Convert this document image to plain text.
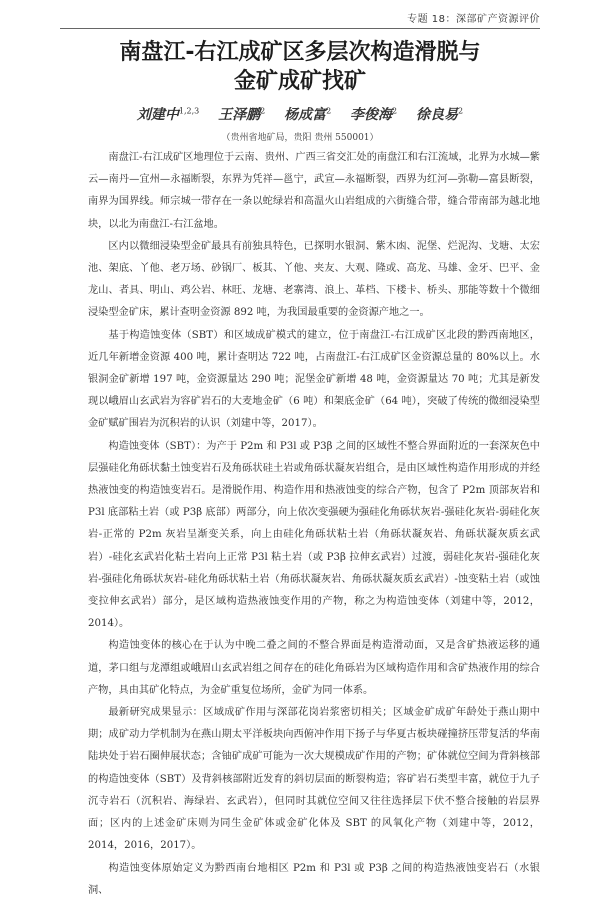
专题 18：深部矿产资源评价
南盘江-右江成矿区多层次构造滑脱与
金矿成矿找矿
刘建中$^{1,2,3}$ 王泽鹏$^2$ 杨成富$^2$ 李俊海$^2$ 徐良易$^2$
（贵州省地矿局，贵阳 贵州 550001）

南盘江-右江成矿区地理位于云南、贵州、广西三省交汇处的南盘江和右江流域，北界为水城—紫云—南丹—宜州—永福断裂，东界为凭祥—邕宁，武宣—永福断裂，西界为红河—弥勒—富县断裂，南界为国界线。师宗城一带存在一条以蛇绿岩和高温火山岩组成的六街缝合带，缝合带南部为越北地块，以北为南盘江-右江盆地。

区内以微细浸染型金矿最具有前独具特色，已探明水银洞、紫木凼、泥堡、烂泥沟、戈塘、太宏池、架底、丫他、老万场、砂锅厂、板其、丫他、夹友、大观、隆或、高龙、马雄、金牙、巴平、金龙山、者具、明山、鸡公岩、林旺、龙塘、老寨湾、浪上、革档、下楼卡、桥头、那能等数十个微细浸染型金矿床，累计查明金资源 892 吨，为我国最重要的金资源产地之一。

基于构造蚀变体（SBT）和区域成矿模式的建立，位于南盘江-右江成矿区北段的黔西南地区，近几年新增金资源 400 吨，累计查明达 722 吨，占南盘江-右江成矿区金资源总量的 80%以上。水银洞金矿新增 197 吨，金资源量达 290 吨；泥堡金矿新增 48 吨，金资源量达 70 吨；尤其是新发现以峨眉山玄武岩为容矿岩石的大麦地金矿（6 吨）和架底金矿（64 吨），突破了传统的微细浸染型金矿赋矿围岩为沉积岩的认识（刘建中等，2017）。

构造蚀变体（SBT）：为产于 P2m 和 P3l 或 P3β 之间的区域性不整合界面附近的一套深灰色中层强硅化角砾状黏土蚀变岩石及角砾状硅土岩或角砾状凝灰岩组合，是由区域性构造作用形成的并经热液蚀变的构造蚀变岩石。是滑脱作用、构造作用和热液蚀变的综合产物，包含了 P2m 顶部灰岩和 P3l 底部粘土岩（或 P3β 底部）两部分，向上依次变强硬为强硅化角砾状灰岩-强硅化灰岩-弱硅化灰岩-正常的 P2m 灰岩呈渐变关系，向上由硅化角砾状粘土岩（角砾状凝灰岩、角砾状凝灰质玄武岩）-硅化玄武岩化粘土岩向上正常 P3l 粘土岩（或 P3β 拉伸玄武岩）过渡，弱硅化灰岩-强硅化灰岩-强硅化角砾状灰岩-硅化角砾状粘土岩（角砾状凝灰岩、角砾状凝灰质玄武岩）-蚀变粘土岩（或蚀变拉伸玄武岩）部分，是区域构造热液蚀变作用的产物，称之为构造蚀变体（刘建中等，2012，2014）。

构造蚀变体的核心在于认为中晚二叠之间的不整合界面是构造滑动面，又是含矿热液运移的通道，茅口组与龙潭组或峨眉山玄武岩组之间存在的硅化角砾岩为区域构造作用和含矿热液作用的综合产物，具由其矿化特点，为金矿重复位场所，金矿为同一体系。

最新研究成果显示：区域成矿作用与深部花岗岩浆密切相关；区域金矿成矿年龄处于燕山期中期；成矿动力学机制为在燕山期太平洋板块向西俯冲作用下扬子与华夏古板块碰撞挤压带复活的华南陆块处于岩石圈伸展状态；含铀矿成矿可能为一次大规模成矿作用的产物；矿体就位空间为背斜核部的构造蚀变体（SBT）及背斜核部附近发育的斜切层面的断裂构造；容矿岩石类型丰富，就位于九子沉寺岩石（沉积岩、海绿岩、玄武岩），但同时其就位空间又往往选择层下伏不整合接触的岩层界面；区内的上述金矿床则为同生金矿体或金矿化体及 SBT 的风氧化产物（刘建中等，2012，2014，2016，2017）。

构造蚀变体原始定义为黔西南台地相区 P2m 和 P3l 或 P3β 之间的构造热液蚀变岩石（水银洞、
